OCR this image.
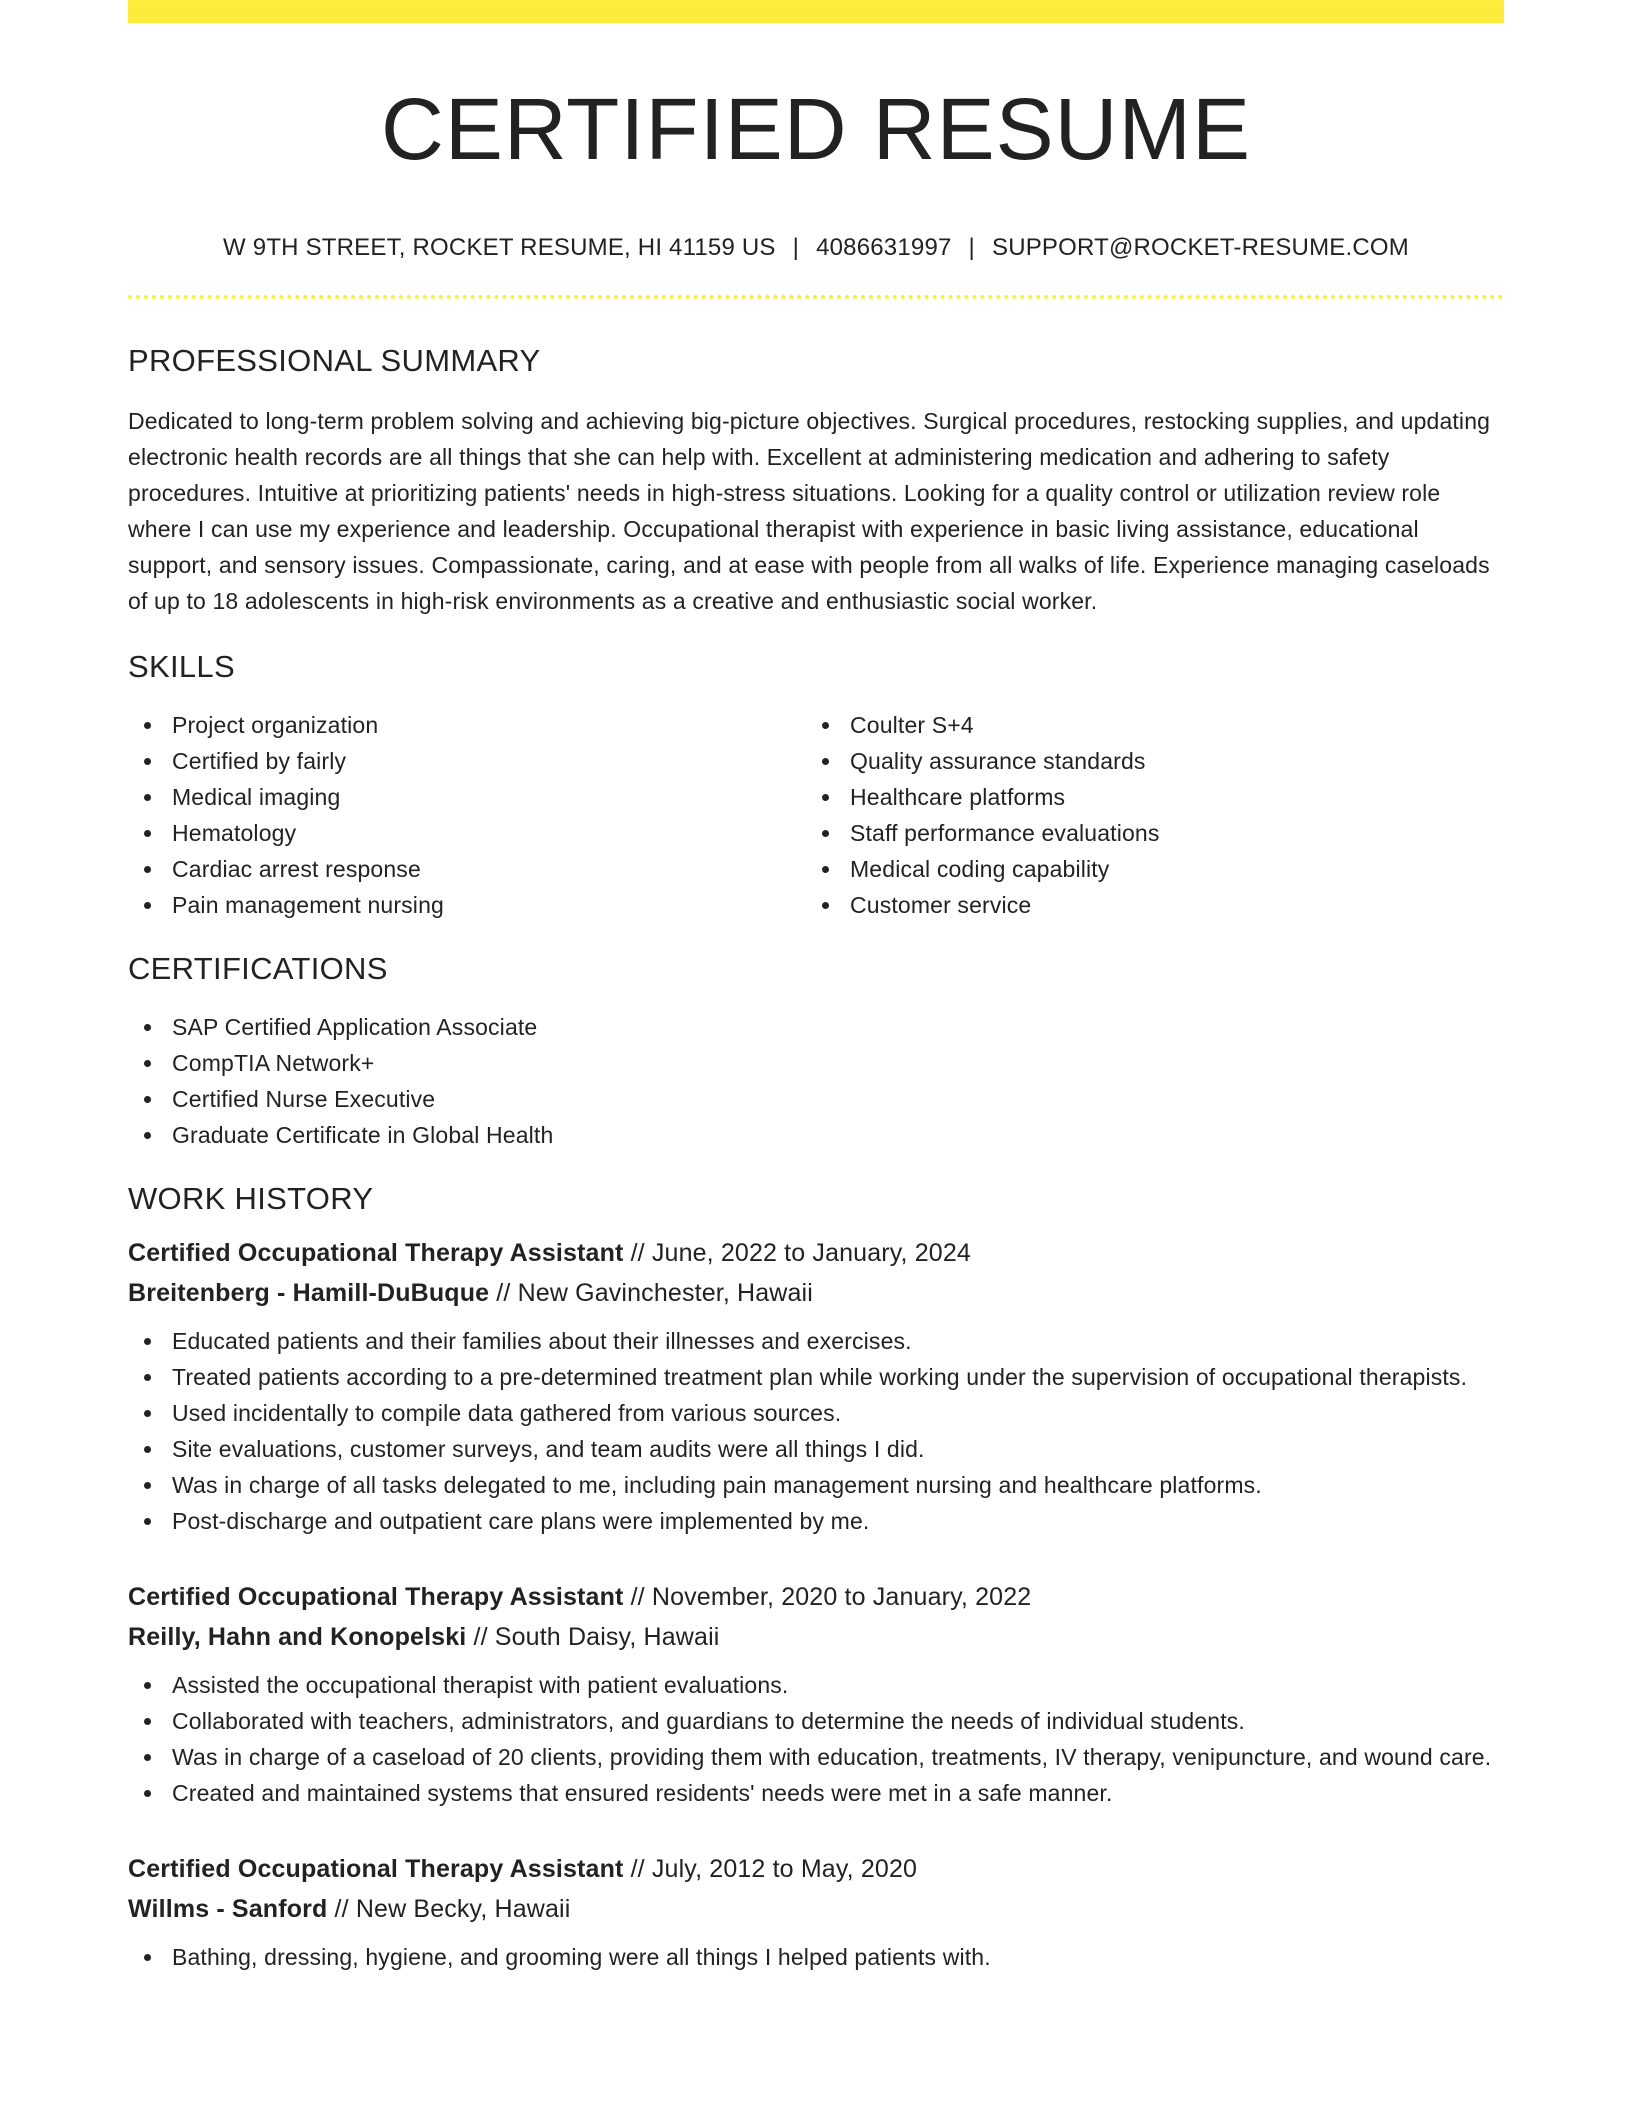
CERTIFIED RESUME
W 9TH STREET, ROCKET RESUME, HI 41159 US | 4086631997 | SUPPORT@ROCKET-RESUME.COM
PROFESSIONAL SUMMARY

Dedicated to long-term problem solving and achieving big-picture objectives. Surgical procedures, restocking supplies, and updating electronic health records are all things that she can help with. Excellent at administering medication and adhering to safety procedures. Intuitive at prioritizing patients' needs in high-stress situations. Looking for a quality control or utilization review role where I can use my experience and leadership. Occupational therapist with experience in basic living assistance, educational support, and sensory issues. Compassionate, caring, and at ease with people from all walks of life. Experience managing caseloads of up to 18 adolescents in high-risk environments as a creative and enthusiastic social worker.

SKILLS
Project organization
Certified by fairly
Medical imaging
Hematology
Cardiac arrest response
Pain management nursing
Coulter S+4
Quality assurance standards
Healthcare platforms
Staff performance evaluations
Medical coding capability
Customer service
CERTIFICATIONS
SAP Certified Application Associate
CompTIA Network+
Certified Nurse Executive
Graduate Certificate in Global Health
WORK HISTORY
Certified Occupational Therapy Assistant // June, 2022 to January, 2024
Breitenberg - Hamill-DuBuque // New Gavinchester, Hawaii
Educated patients and their families about their illnesses and exercises.
Treated patients according to a pre-determined treatment plan while working under the supervision of occupational therapists.
Used incidentally to compile data gathered from various sources.
Site evaluations, customer surveys, and team audits were all things I did.
Was in charge of all tasks delegated to me, including pain management nursing and healthcare platforms.
Post-discharge and outpatient care plans were implemented by me.
Certified Occupational Therapy Assistant // November, 2020 to January, 2022
Reilly, Hahn and Konopelski // South Daisy, Hawaii
Assisted the occupational therapist with patient evaluations.
Collaborated with teachers, administrators, and guardians to determine the needs of individual students.
Was in charge of a caseload of 20 clients, providing them with education, treatments, IV therapy, venipuncture, and wound care.
Created and maintained systems that ensured residents' needs were met in a safe manner.
Certified Occupational Therapy Assistant // July, 2012 to May, 2020
Willms - Sanford // New Becky, Hawaii
Bathing, dressing, hygiene, and grooming were all things I helped patients with.
